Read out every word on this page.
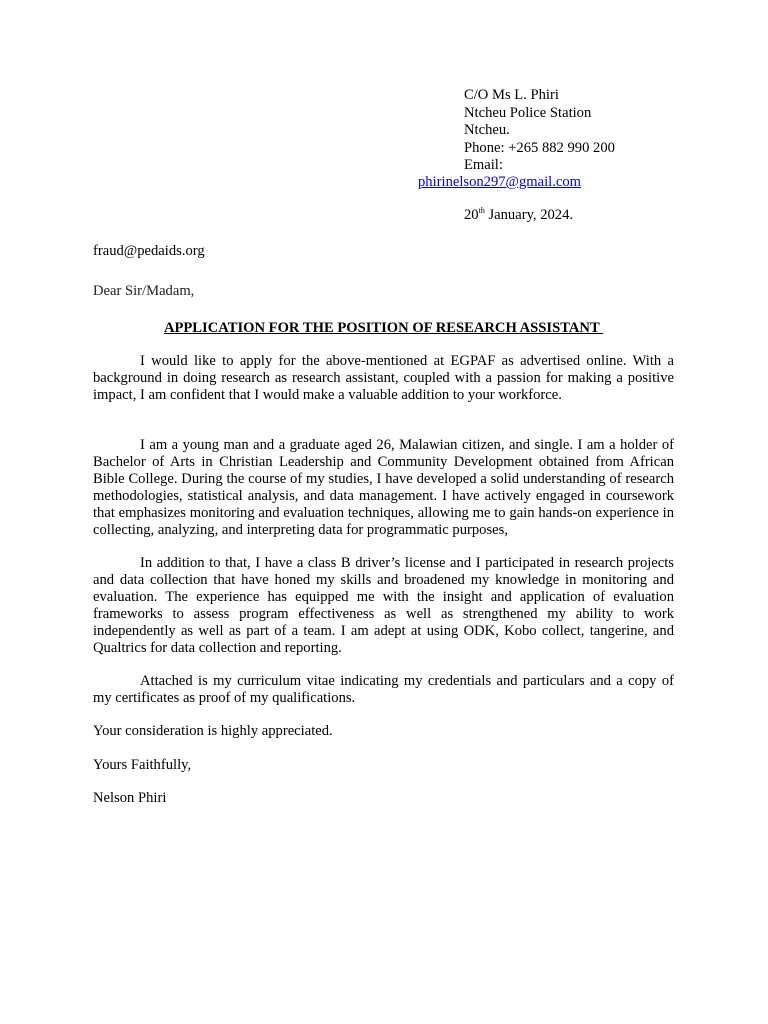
C/O Ms L. Phiri
Ntcheu Police Station
Ntcheu.
Phone: +265 882 990 200
Email:
phirinelson297@gmail.com
20th January, 2024.
fraud@pedaids.org
Dear Sir/Madam,
APPLICATION FOR THE POSITION OF RESEARCH ASSISTANT
I would like to apply for the above-mentioned at EGPAF as advertised online. With a background in doing research as research assistant, coupled with a passion for making a positive impact, I am confident that I would make a valuable addition to your workforce.
I am a young man and a graduate aged 26, Malawian citizen, and single. I am a holder of Bachelor of Arts in Christian Leadership and Community Development obtained from African Bible College. During the course of my studies, I have developed a solid understanding of research methodologies, statistical analysis, and data management. I have actively engaged in coursework that emphasizes monitoring and evaluation techniques, allowing me to gain hands-on experience in collecting, analyzing, and interpreting data for programmatic purposes,
In addition to that, I have a class B driver’s license and I participated in research projects and data collection that have honed my skills and broadened my knowledge in monitoring and evaluation. The experience has equipped me with the insight and application of evaluation frameworks to assess program effectiveness as well as strengthened my ability to work independently as well as part of a team. I am adept at using ODK, Kobo collect, tangerine, and Qualtrics for data collection and reporting.
Attached is my curriculum vitae indicating my credentials and particulars and a copy of my certificates as proof of my qualifications.
Your consideration is highly appreciated.
Yours Faithfully,
Nelson Phiri
